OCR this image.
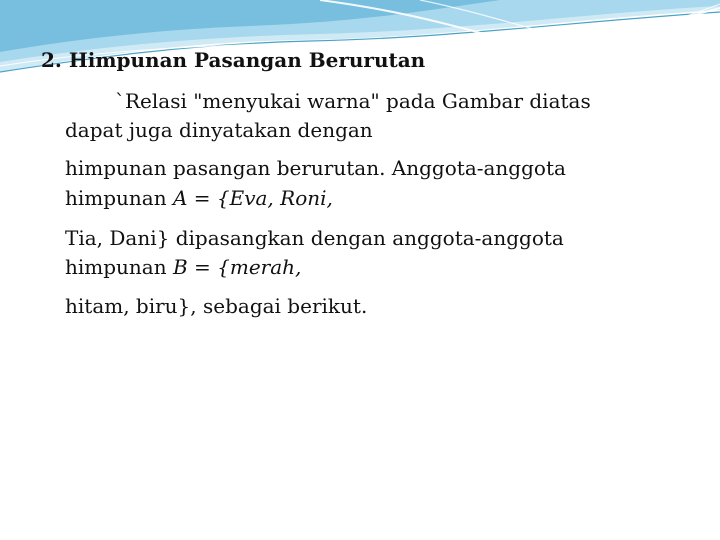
2. Himpunan Pasangan Berurutan
`Relasi "menyukai warna" pada Gambar diatas
dapat juga dinyatakan dengan
himpunan pasangan berurutan. Anggota-anggota
himpunan A = {Eva, Roni,
Tia, Dani} dipasangkan dengan anggota-anggota
himpunan B = {merah,
hitam, biru}, sebagai berikut.
